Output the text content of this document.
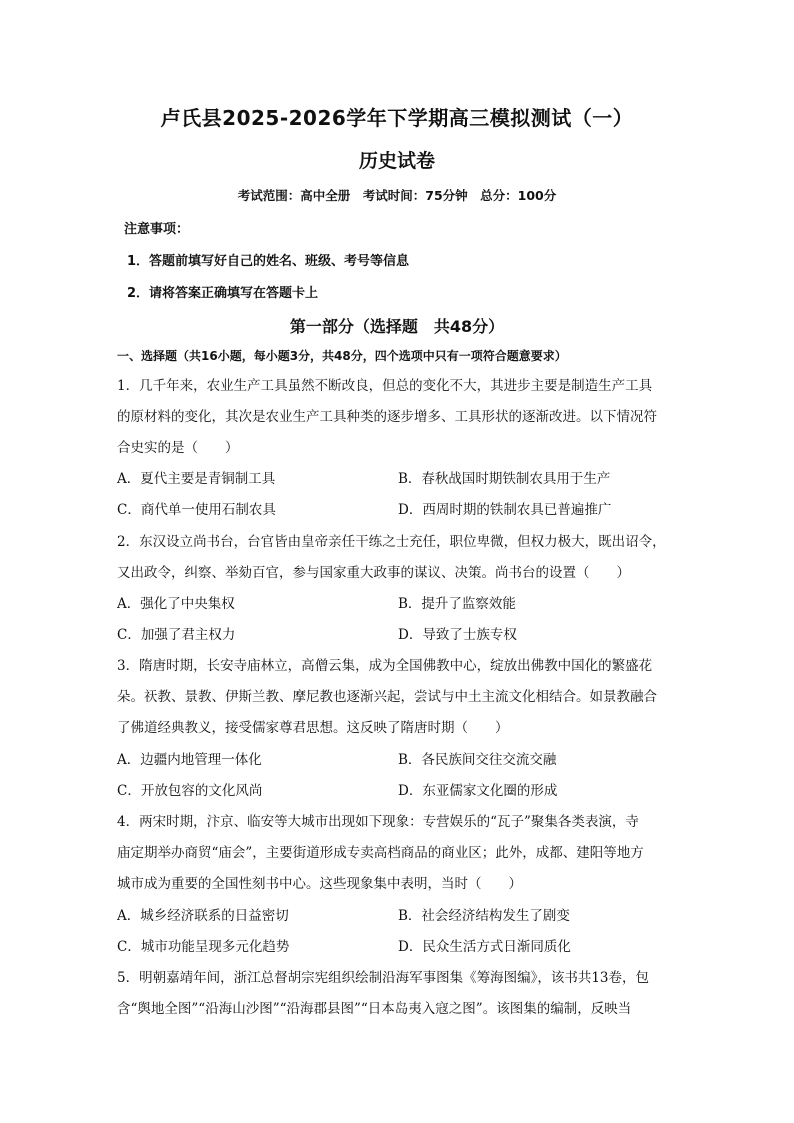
卢氏县2025-2026学年下学期高三模拟测试（一）
历史试卷
考试范围：高中全册　考试时间：75分钟　总分：100分
注意事项：
1．答题前填写好自己的姓名、班级、考号等信息
2．请将答案正确填写在答题卡上
第一部分（选择题　共48分）
一、选择题（共16小题，每小题3分，共48分，四个选项中只有一项符合题意要求）
1．几千年来，农业生产工具虽然不断改良，但总的变化不大，其进步主要是制造生产工具
的原材料的变化，其次是农业生产工具种类的逐步增多、工具形状的逐渐改进。以下情况符
合史实的是（　　）
A．夏代主要是青铜制工具	B．春秋战国时期铁制农具用于生产
C．商代单一使用石制农具	D．西周时期的铁制农具已普遍推广
2．东汉设立尚书台，台官皆由皇帝亲任干练之士充任，职位卑微，但权力极大，既出诏令，
又出政令，纠察、举劾百官，参与国家重大政事的谋议、决策。尚书台的设置（　　）
A．强化了中央集权	B．提升了监察效能
C．加强了君主权力	D．导致了士族专权
3．隋唐时期，长安寺庙林立，高僧云集，成为全国佛教中心，绽放出佛教中国化的繁盛花
朵。祆教、景教、伊斯兰教、摩尼教也逐渐兴起，尝试与中土主流文化相结合。如景教融合
了佛道经典教义，接受儒家尊君思想。这反映了隋唐时期（　　）
A．边疆内地管理一体化	B．各民族间交往交流交融
C．开放包容的文化风尚	D．东亚儒家文化圈的形成
4．两宋时期，汴京、临安等大城市出现如下现象：专营娱乐的“瓦子”聚集各类表演，寺
庙定期举办商贸“庙会”，主要街道形成专卖高档商品的商业区；此外，成都、建阳等地方
城市成为重要的全国性刻书中心。这些现象集中表明，当时（　　）
A．城乡经济联系的日益密切	B．社会经济结构发生了剧变
C．城市功能呈现多元化趋势	D．民众生活方式日渐同质化
5．明朝嘉靖年间，浙江总督胡宗宪组织绘制沿海军事图集《筹海图编》，该书共13卷，包
含“舆地全图”“沿海山沙图”“沿海郡县图”“日本岛夷入寇之图”。该图集的编制，反映当
